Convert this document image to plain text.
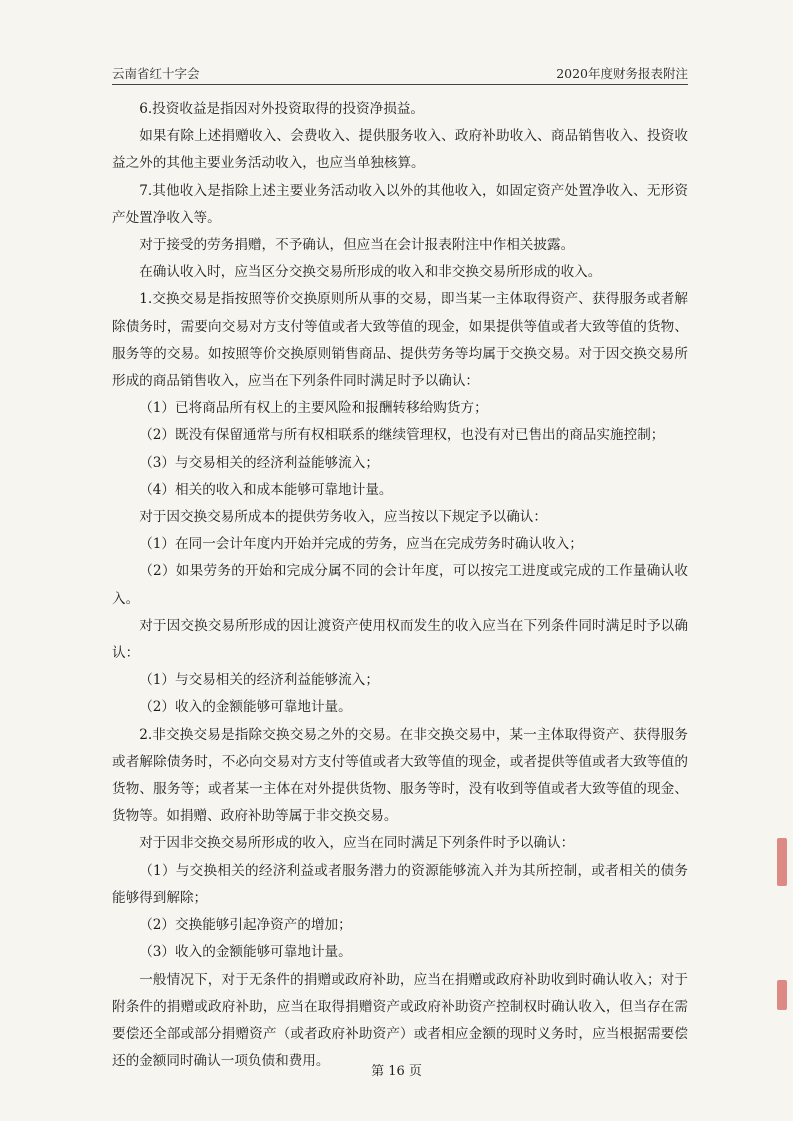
云南省红十字会	2020年度财务报表附注

6.投资收益是指因对外投资取得的投资净损益。

如果有除上述捐赠收入、会费收入、提供服务收入、政府补助收入、商品销售收入、投资收益之外的其他主要业务活动收入，也应当单独核算。

7.其他收入是指除上述主要业务活动收入以外的其他收入，如固定资产处置净收入、无形资产处置净收入等。

对于接受的劳务捐赠，不予确认，但应当在会计报表附注中作相关披露。

在确认收入时，应当区分交换交易所形成的收入和非交换交易所形成的收入。

1.交换交易是指按照等价交换原则所从事的交易，即当某一主体取得资产、获得服务或者解除债务时，需要向交易对方支付等值或者大致等值的现金，如果提供等值或者大致等值的货物、服务等的交易。如按照等价交换原则销售商品、提供劳务等均属于交换交易。对于因交换交易所形成的商品销售收入，应当在下列条件同时满足时予以确认：

（1）已将商品所有权上的主要风险和报酬转移给购货方；

（2）既没有保留通常与所有权相联系的继续管理权，也没有对已售出的商品实施控制；

（3）与交易相关的经济利益能够流入；

（4）相关的收入和成本能够可靠地计量。

对于因交换交易所成本的提供劳务收入，应当按以下规定予以确认：

（1）在同一会计年度内开始并完成的劳务，应当在完成劳务时确认收入；

（2）如果劳务的开始和完成分属不同的会计年度，可以按完工进度或完成的工作量确认收入。

对于因交换交易所形成的因让渡资产使用权而发生的收入应当在下列条件同时满足时予以确认：

（1）与交易相关的经济利益能够流入；

（2）收入的金额能够可靠地计量。

2.非交换交易是指除交换交易之外的交易。在非交换交易中，某一主体取得资产、获得服务或者解除债务时，不必向交易对方支付等值或者大致等值的现金，或者提供等值或者大致等值的货物、服务等；或者某一主体在对外提供货物、服务等时，没有收到等值或者大致等值的现金、货物等。如捐赠、政府补助等属于非交换交易。

对于因非交换交易所形成的收入，应当在同时满足下列条件时予以确认：

（1）与交换相关的经济利益或者服务潜力的资源能够流入并为其所控制，或者相关的债务能够得到解除；

（2）交换能够引起净资产的增加；

（3）收入的金额能够可靠地计量。

一般情况下，对于无条件的捐赠或政府补助，应当在捐赠或政府补助收到时确认收入；对于附条件的捐赠或政府补助，应当在取得捐赠资产或政府补助资产控制权时确认收入，但当存在需要偿还全部或部分捐赠资产（或者政府补助资产）或者相应金额的现时义务时，应当根据需要偿还的金额同时确认一项负债和费用。

第 16 页
